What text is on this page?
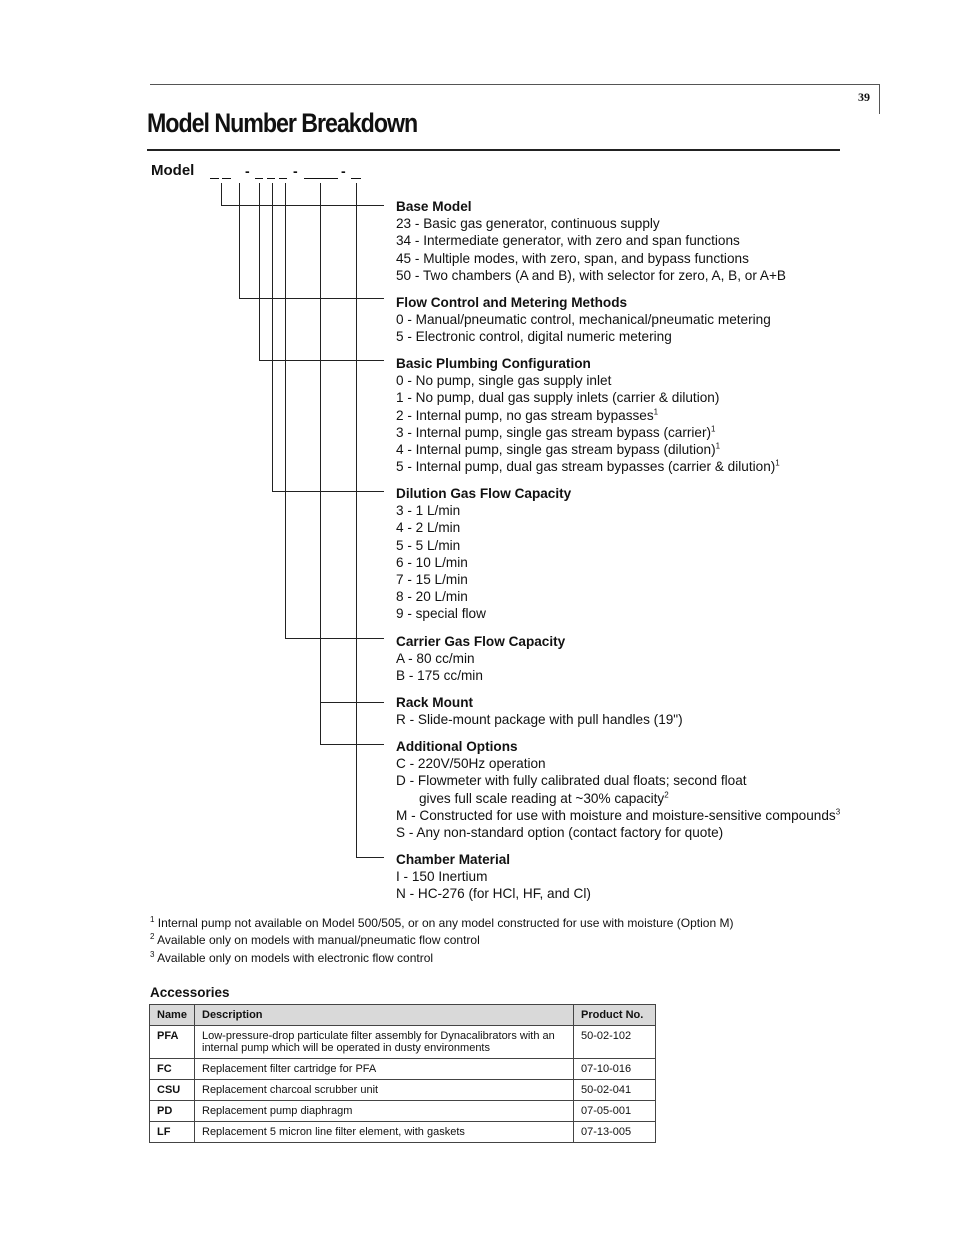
39
Model Number Breakdown
Model	-	-	-
Base Model
23 - Basic gas generator, continuous supply
34 - Intermediate generator, with zero and span functions
45 - Multiple modes, with zero, span, and bypass functions
50 - Two chambers (A and B), with selector for zero, A, B, or A+B
Flow Control and Metering Methods
0 - Manual/pneumatic control, mechanical/pneumatic metering
5 - Electronic control, digital numeric metering
Basic Plumbing Configuration
0 - No pump, single gas supply inlet
1 - No pump, dual gas supply inlets (carrier & dilution)
2 - Internal pump, no gas stream bypasses$^1$
3 - Internal pump, single gas stream bypass (carrier)$^1$
4 - Internal pump, single gas stream bypass (dilution)$^1$
5 - Internal pump, dual gas stream bypasses (carrier & dilution)$^1$
Dilution Gas Flow Capacity
3 - 1 L/min
4 - 2 L/min
5 - 5 L/min
6 - 10 L/min
7 - 15 L/min
8 - 20 L/min
9 - special flow
Carrier Gas Flow Capacity
A - 80 cc/min
B - 175 cc/min
Rack Mount
R - Slide-mount package with pull handles (19")
Additional Options
C - 220V/50Hz operation
D - Flowmeter with fully calibrated dual floats; second float
gives full scale reading at ~30% capacity$^2$
M - Constructed for use with moisture and moisture-sensitive compounds$^3$
S - Any non-standard option (contact factory for quote)
Chamber Material
I - 150 Inertium
N - HC-276 (for HCl, HF, and Cl)
$^1$ Internal pump not available on Model 500/505, or on any model constructed for use with moisture (Option M)
$^2$ Available only on models with manual/pneumatic flow control
$^3$ Available only on models with electronic flow control
Accessories
Name	Description	Product No.
PFA	Low-pressure-drop particulate filter assembly for Dynacalibrators with an internal pump which will be operated in dusty environments	50-02-102
FC	Replacement filter cartridge for PFA	07-10-016
CSU	Replacement charcoal scrubber unit	50-02-041
PD	Replacement pump diaphragm	07-05-001
LF	Replacement 5 micron line filter element, with gaskets	07-13-005
